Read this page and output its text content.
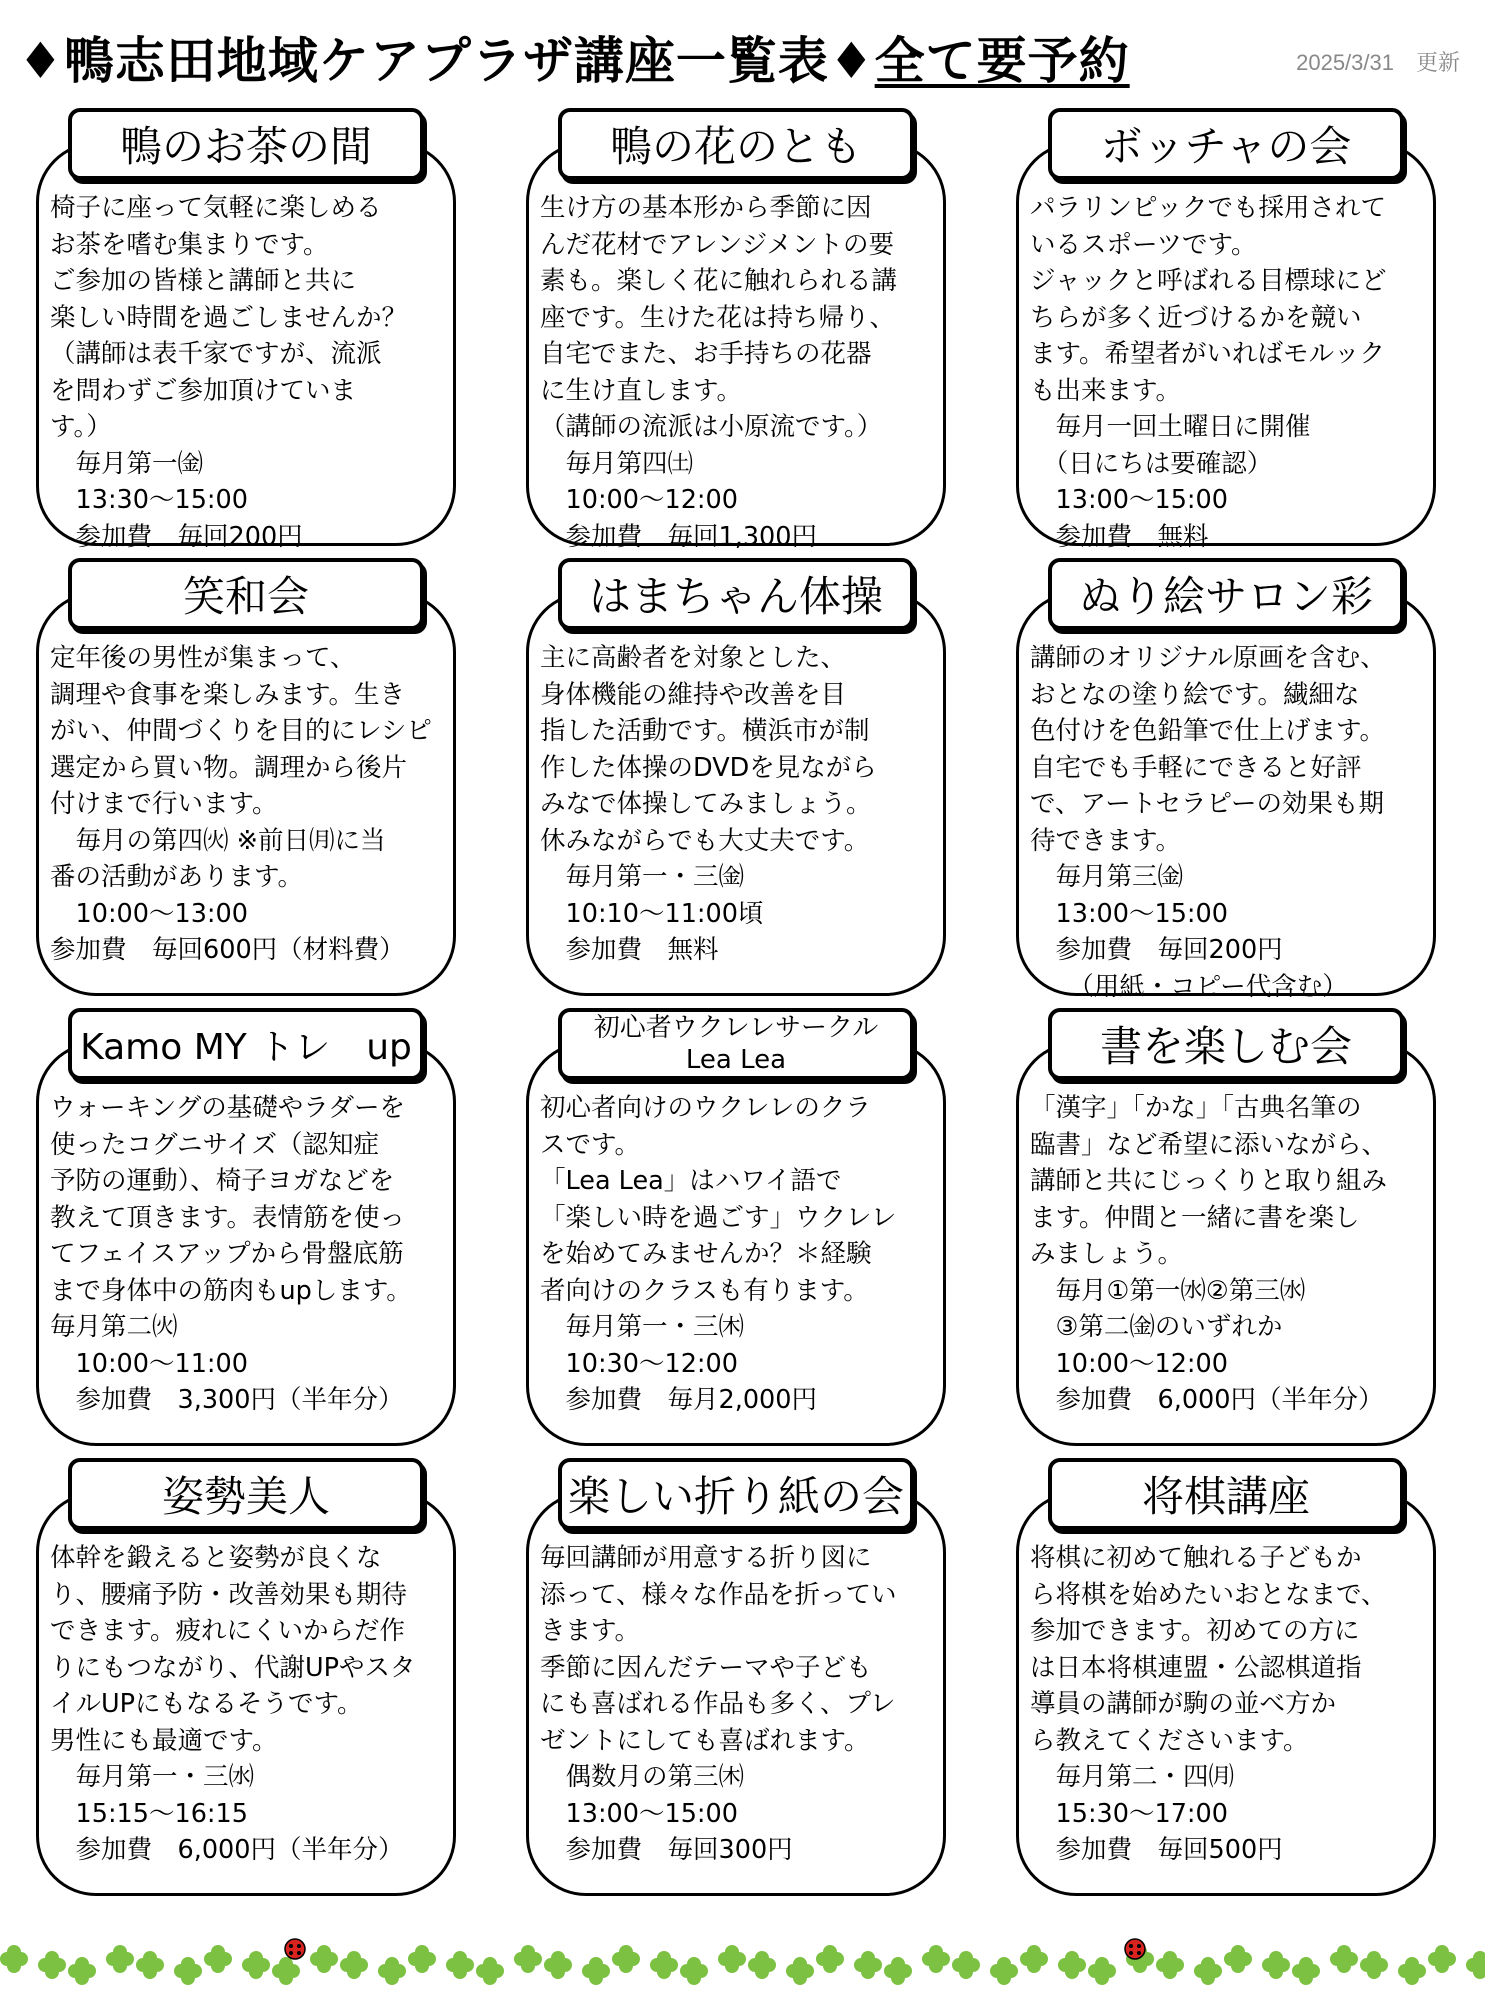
♦鴨志田地域ケアプラザ講座一覧表♦全て要予約	2025/3/31 更新
鴨のお茶の間
椅子に座って気軽に楽しめる
お茶を嗜む集まりです。
ご参加の皆様と講師と共に
楽しい時間を過ごしませんか？
（講師は表千家ですが、流派
を問わずご参加頂けていま
す。）
　毎月第一㈮
　13:30～15:00
　参加費　毎回200円
鴨の花のとも
生け方の基本形から季節に因
んだ花材でアレンジメントの要
素も。楽しく花に触れられる講
座です。生けた花は持ち帰り、
自宅でまた、お手持ちの花器
に生け直します。
（講師の流派は小原流です。）
　毎月第四㈯
　10:00～12:00
　参加費　毎回1,300円
ボッチャの会
パラリンピックでも採用されて
いるスポーツです。
ジャックと呼ばれる目標球にど
ちらが多く近づけるかを競い
ます。希望者がいればモルック
も出来ます。
　毎月一回土曜日に開催
　（日にちは要確認）
　13:00～15:00
　参加費　無料
笑和会
定年後の男性が集まって、
調理や食事を楽しみます。生き
がい、仲間づくりを目的にレシピ
選定から買い物。調理から後片
付けまで行います。
　毎月の第四㈫ ※前日㈪に当
番の活動があります。
　10:00～13:00
参加費　毎回600円（材料費）
はまちゃん体操
主に高齢者を対象とした、
身体機能の維持や改善を目
指した活動です。横浜市が制
作した体操のDVDを見ながら
みなで体操してみましょう。
休みながらでも大丈夫です。
　毎月第一・三㈮
　10:10～11:00頃
　参加費　無料
ぬり絵サロン彩
講師のオリジナル原画を含む、
おとなの塗り絵です。繊細な
色付けを色鉛筆で仕上げます。
自宅でも手軽にできると好評
で、アートセラピーの効果も期
待できます。
　毎月第三㈮
　13:00～15:00
　参加費　毎回200円
　　（用紙・コピー代含む）
Kamo MY トレ　up
ウォーキングの基礎やラダーを
使ったコグニサイズ（認知症
予防の運動）、椅子ヨガなどを
教えて頂きます。表情筋を使っ
てフェイスアップから骨盤底筋
まで身体中の筋肉もupします。
毎月第二㈫
　10:00～11:00
　参加費　3,300円（半年分）
初心者ウクレレサークル
Lea Lea
初心者向けのウクレレのクラ
スです。
「Lea Lea」はハワイ語で
「楽しい時を過ごす」ウクレレ
を始めてみませんか？＊経験
者向けのクラスも有ります。
　毎月第一・三㈭
　10:30～12:00
　参加費　毎月2,000円
書を楽しむ会
「漢字」「かな」「古典名筆の
臨書」など希望に添いながら、
講師と共にじっくりと取り組み
ます。仲間と一緒に書を楽し
みましょう。
　毎月①第一㈬②第三㈬
　③第二㈮のいずれか
　10:00～12:00
　参加費　6,000円（半年分）
姿勢美人
体幹を鍛えると姿勢が良くな
り、腰痛予防・改善効果も期待
できます。疲れにくいからだ作
りにもつながり、代謝UPやスタ
イルUPにもなるそうです。
男性にも最適です。
　毎月第一・三㈬
　15:15～16:15
　参加費　6,000円（半年分）
楽しい折り紙の会
毎回講師が用意する折り図に
添って、様々な作品を折ってい
きます。
季節に因んだテーマや子ども
にも喜ばれる作品も多く、プレ
ゼントにしても喜ばれます。
　偶数月の第三㈭
　13:00～15:00
　参加費　毎回300円
将棋講座
将棋に初めて触れる子どもか
ら将棋を始めたいおとなまで、
参加できます。初めての方に
は日本将棋連盟・公認棋道指
導員の講師が駒の並べ方か
ら教えてくださいます。
　毎月第二・四㈪
　15:30～17:00
　参加費　毎回500円
